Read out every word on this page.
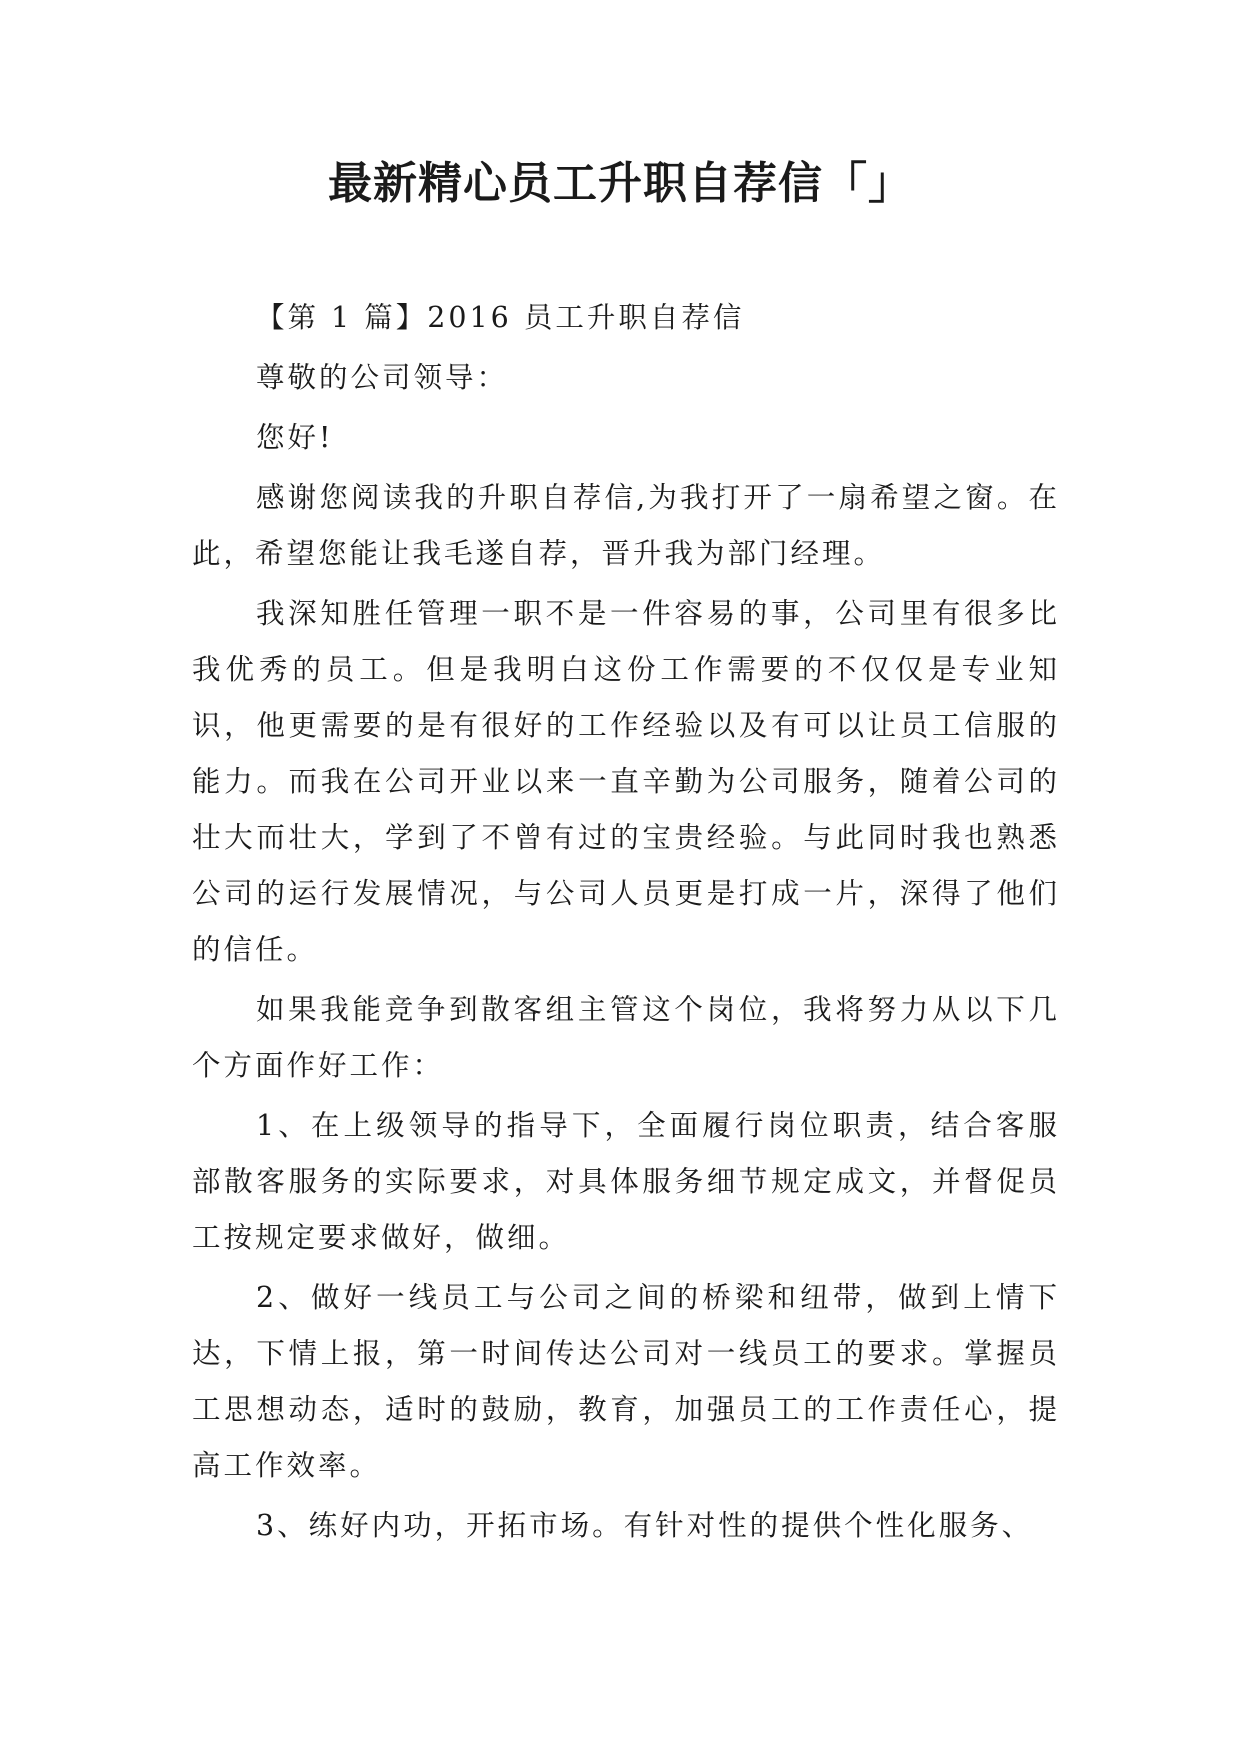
最新精心员工升职自荐信「」

【第 1 篇】2016 员工升职自荐信

尊敬的公司领导：

您好!

感谢您阅读我的升职自荐信,为我打开了一扇希望之窗。在此，希望您能让我毛遂自荐，晋升我为部门经理。

我深知胜任管理一职不是一件容易的事，公司里有很多比我优秀的员工。但是我明白这份工作需要的不仅仅是专业知识，他更需要的是有很好的工作经验以及有可以让员工信服的能力。而我在公司开业以来一直辛勤为公司服务，随着公司的壮大而壮大，学到了不曾有过的宝贵经验。与此同时我也熟悉公司的运行发展情况，与公司人员更是打成一片，深得了他们的信任。

如果我能竞争到散客组主管这个岗位，我将努力从以下几个方面作好工作：

1、在上级领导的指导下，全面履行岗位职责，结合客服部散客服务的实际要求，对具体服务细节规定成文，并督促员工按规定要求做好，做细。

2、做好一线员工与公司之间的桥梁和纽带，做到上情下达，下情上报，第一时间传达公司对一线员工的要求。掌握员工思想动态，适时的鼓励，教育，加强员工的工作责任心，提高工作效率。

3、练好内功，开拓市场。有针对性的提供个性化服务、
